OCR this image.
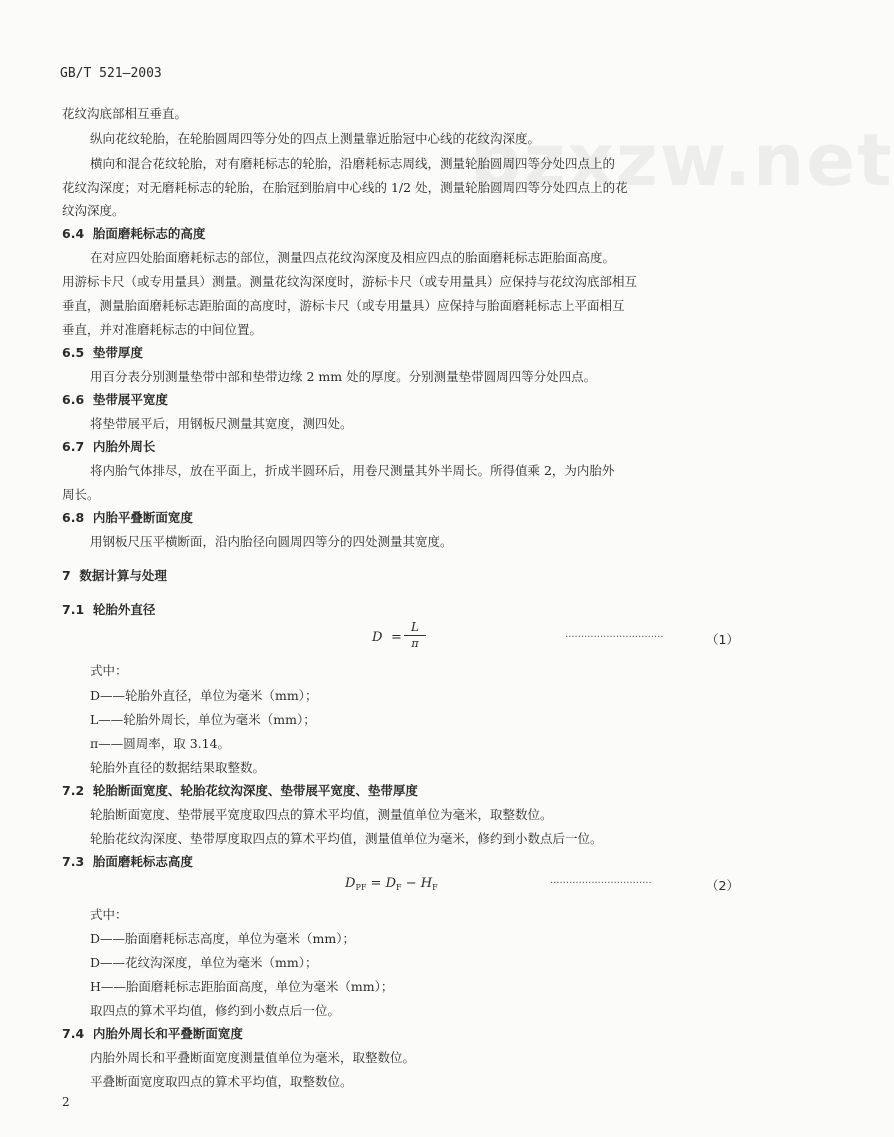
bzxzw.net
GB/T 521—2003
花纹沟底部相互垂直。
纵向花纹轮胎，在轮胎圆周四等分处的四点上测量靠近胎冠中心线的花纹沟深度。
横向和混合花纹轮胎，对有磨耗标志的轮胎，沿磨耗标志周线，测量轮胎圆周四等分处四点上的
花纹沟深度；对无磨耗标志的轮胎，在胎冠到胎肩中心线的 1/2 处，测量轮胎圆周四等分处四点上的花
纹沟深度。
6.4 胎面磨耗标志的高度
在对应四处胎面磨耗标志的部位，测量四点花纹沟深度及相应四点的胎面磨耗标志距胎面高度。
用游标卡尺（或专用量具）测量。测量花纹沟深度时，游标卡尺（或专用量具）应保持与花纹沟底部相互
垂直，测量胎面磨耗标志距胎面的高度时，游标卡尺（或专用量具）应保持与胎面磨耗标志上平面相互
垂直，并对准磨耗标志的中间位置。
6.5 垫带厚度
用百分表分别测量垫带中部和垫带边缘 2 mm 处的厚度。分别测量垫带圆周四等分处四点。
6.6 垫带展平宽度
将垫带展平后，用钢板尺测量其宽度，测四处。
6.7 内胎外周长
将内胎气体排尽，放在平面上，折成半圆环后，用卷尺测量其外半周长。所得值乘 2，为内胎外
周长。
6.8 内胎平叠断面宽度
用钢板尺压平横断面，沿内胎径向圆周四等分的四处测量其宽度。
7 数据计算与处理
7.1 轮胎外直径
D =
L
π	·······························	（1）
式中：
D——轮胎外直径，单位为毫米（mm）；
L——轮胎外周长，单位为毫米（mm）；
π——圆周率，取 3.14。
轮胎外直径的数据结果取整数。
7.2 轮胎断面宽度、轮胎花纹沟深度、垫带展平宽度、垫带厚度
轮胎断面宽度、垫带展平宽度取四点的算术平均值，测量值单位为毫米，取整数位。
轮胎花纹沟深度、垫带厚度取四点的算术平均值，测量值单位为毫米，修约到小数点后一位。
7.3 胎面磨耗标志高度
$D_{PF} = D_F - H_F$	································	（2）
式中：
D——胎面磨耗标志高度，单位为毫米（mm）；
D——花纹沟深度，单位为毫米（mm）；
H——胎面磨耗标志距胎面高度，单位为毫米（mm）；
取四点的算术平均值，修约到小数点后一位。
7.4 内胎外周长和平叠断面宽度
内胎外周长和平叠断面宽度测量值单位为毫米，取整数位。
平叠断面宽度取四点的算术平均值，取整数位。
2
